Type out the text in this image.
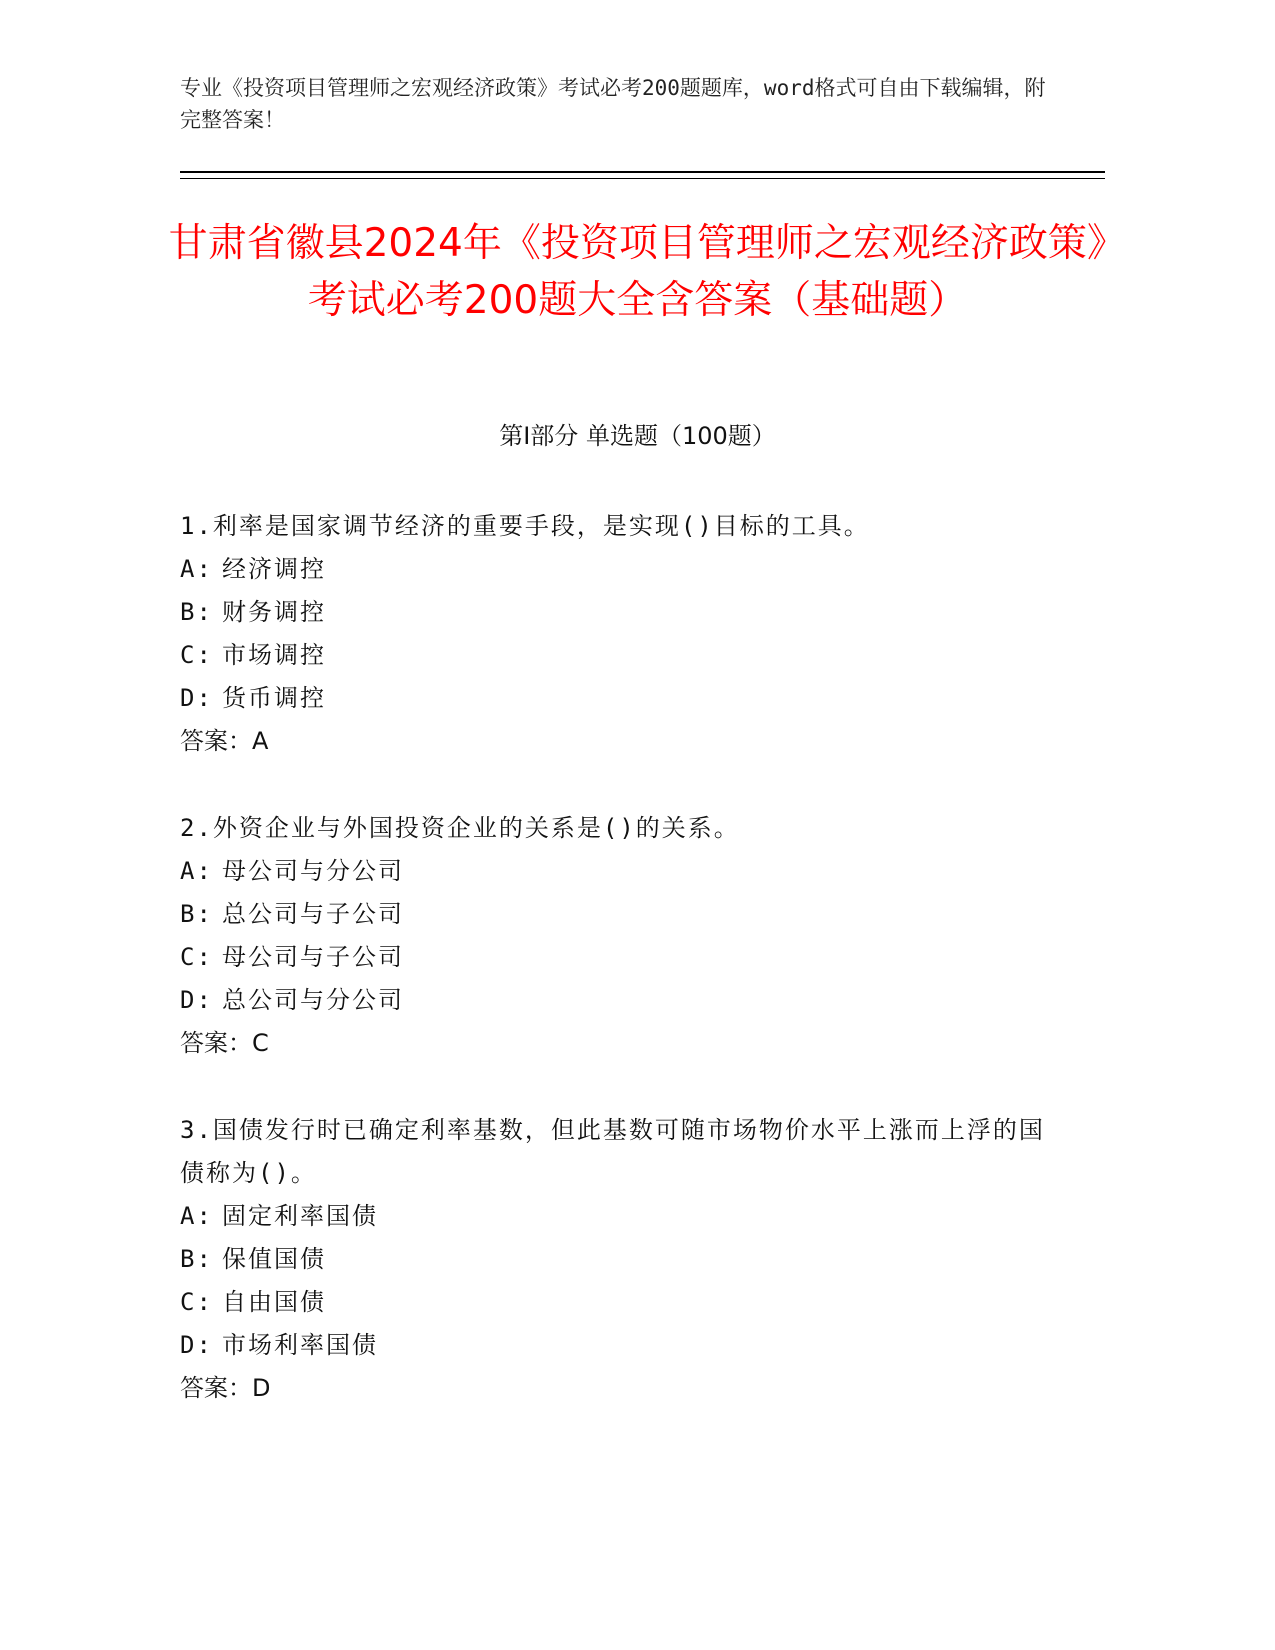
专业《投资项目管理师之宏观经济政策》考试必考200题题库，word格式可自由下载编辑，附完整答案！
甘肃省徽县2024年《投资项目管理师之宏观经济政策》考试必考200题大全含答案（基础题）
第I部分 单选题（100题）
1.利率是国家调节经济的重要手段，是实现()目标的工具。
A: 经济调控
B: 财务调控
C: 市场调控
D: 货币调控
答案：A
2.外资企业与外国投资企业的关系是()的关系。
A: 母公司与分公司
B: 总公司与子公司
C: 母公司与子公司
D: 总公司与分公司
答案：C
3.国债发行时已确定利率基数，但此基数可随市场物价水平上涨而上浮的国债称为()。
A: 固定利率国债
B: 保值国债
C: 自由国债
D: 市场利率国债
答案：D
